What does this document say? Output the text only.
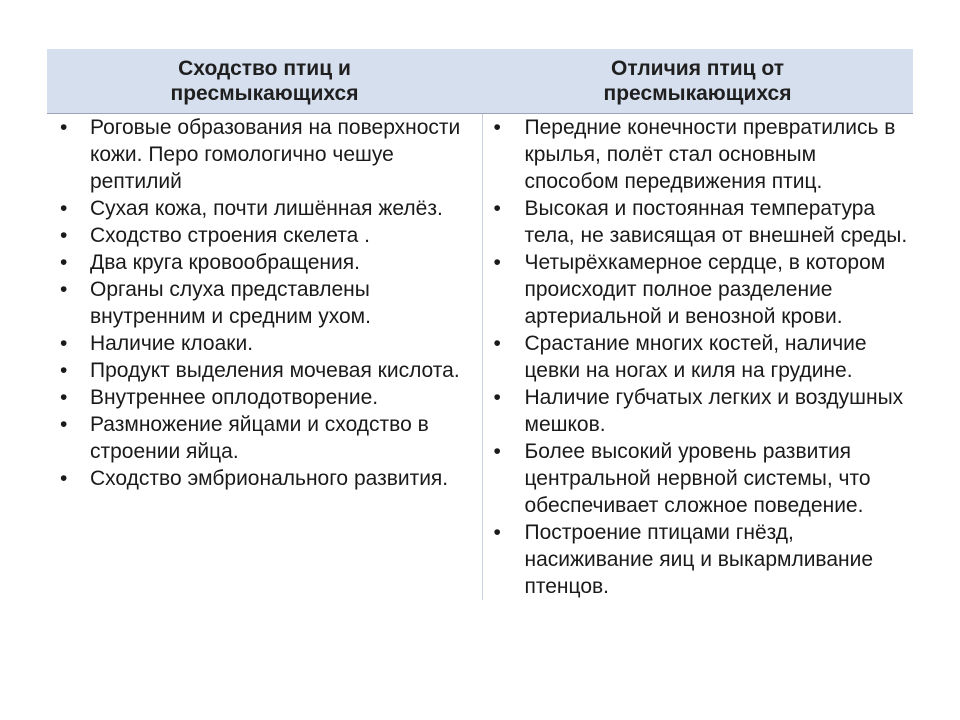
Сходство птиц и
пресмыкающихся
Отличия птиц от
пресмыкающихся
• Роговые образования на поверхности кожи. Перо гомологично чешуе рептилий
• Сухая кожа, почти лишённая желёз.
• Сходство строения скелета .
• Два круга кровообращения.
• Органы слуха представлены внутренним и средним ухом.
• Наличие клоаки.
• Продукт выделения мочевая кислота.
• Внутреннее оплодотворение.
• Размножение яйцами и сходство в строении яйца.
• Сходство эмбрионального развития.
• Передние конечности превратились в крылья, полёт стал основным способом передвижения птиц.
• Высокая и постоянная температура тела, не зависящая от внешней среды.
• Четырёхкамерное сердце, в котором происходит полное разделение артериальной и венозной крови.
• Срастание многих костей, наличие цевки на ногах и киля на грудине.
• Наличие губчатых легких и воздушных мешков.
• Более высокий уровень развития центральной нервной системы, что обеспечивает сложное поведение.
• Построение птицами гнёзд, насиживание яиц и выкармливание птенцов.
